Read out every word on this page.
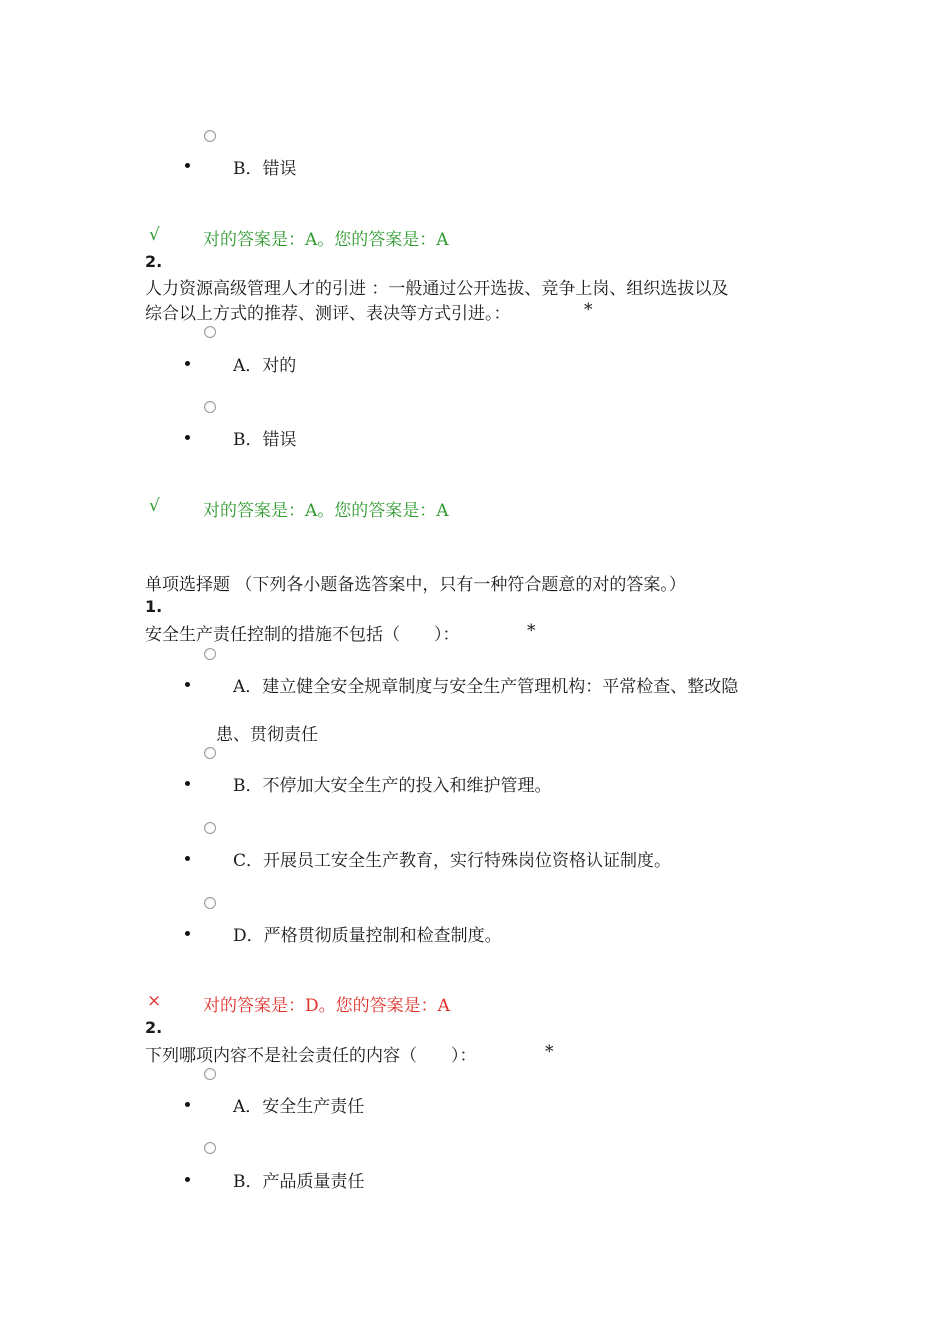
B．错误
√	对的答案是：A。您的答案是：A
2.
人力资源高级管理人才的引进 ：一般通过公开选拔、竞争上岗、组织选拔以及
综合以上方式的推荐、测评、表决等方式引进。：	*
A．对的
B．错误
√	对的答案是：A。您的答案是：A
单项选择题 （下列各小题备选答案中，只有一种符合题意的对的答案。）
1.
安全生产责任控制的措施不包括（　　）：	*
A．建立健全安全规章制度与安全生产管理机构：平常检查、整改隐
患、贯彻责任
B．不停加大安全生产的投入和维护管理。
C．开展员工安全生产教育，实行特殊岗位资格认证制度。
D．严格贯彻质量控制和检查制度。
× 对的答案是：D。您的答案是：A
2.
下列哪项内容不是社会责任的内容（　　）：	*
A．安全生产责任
B．产品质量责任
